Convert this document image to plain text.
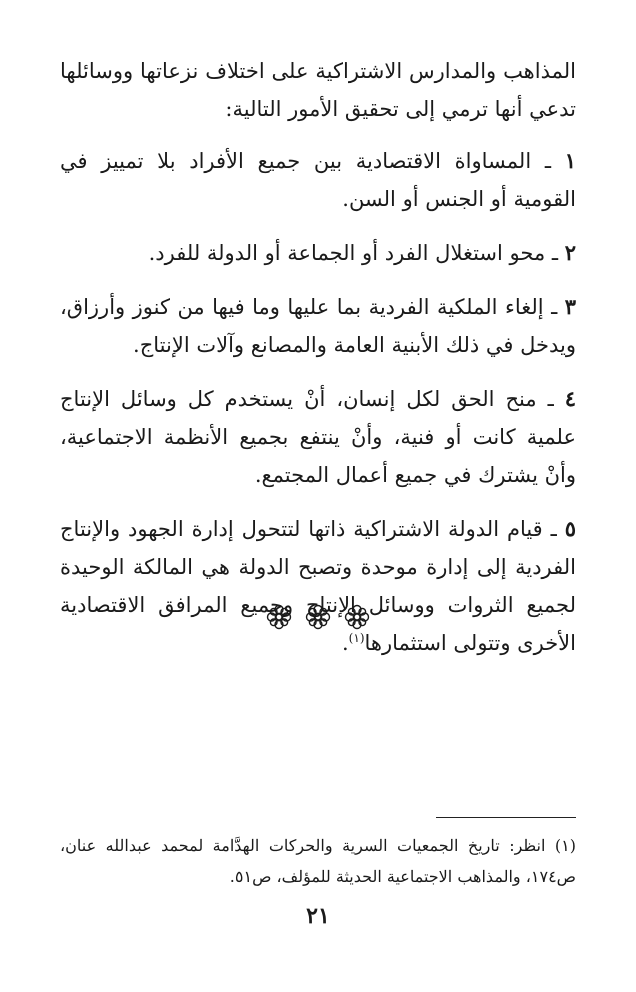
المذاهب والمدارس الاشتراكية على اختلاف نزعاتها ووسائلها تدعي أنها ترمي إلى تحقيق الأمور التالية:

١ ـ المساواة الاقتصادية بين جميع الأفراد بلا تمييز في القومية أو الجنس أو السن.

٢ ـ محو استغلال الفرد أو الجماعة أو الدولة للفرد.

٣ ـ إلغاء الملكية الفردية بما عليها وما فيها من كنوز وأرزاق، ويدخل في ذلك الأبنية العامة والمصانع وآلات الإنتاج.

٤ ـ منح الحق لكل إنسان، أنْ يستخدم كل وسائل الإنتاج علمية كانت أو فنية، وأنْ ينتفع بجميع الأنظمة الاجتماعية، وأنْ يشترك في جميع أعمال المجتمع.

٥ ـ قيام الدولة الاشتراكية ذاتها لتتحول إدارة الجهود والإنتاج الفردية إلى إدارة موحدة وتصبح الدولة هي المالكة الوحيدة لجميع الثروات ووسائل الإنتاج وجميع المرافق الاقتصادية الأخرى وتتولى استثمارها$^{(١)}$.

(١) انظر: تاريخ الجمعيات السرية والحركات الهدَّامة لمحمد عبدالله عنان، ص١٧٤، والمذاهب الاجتماعية الحديثة للمؤلف، ص٥١.
٢١
